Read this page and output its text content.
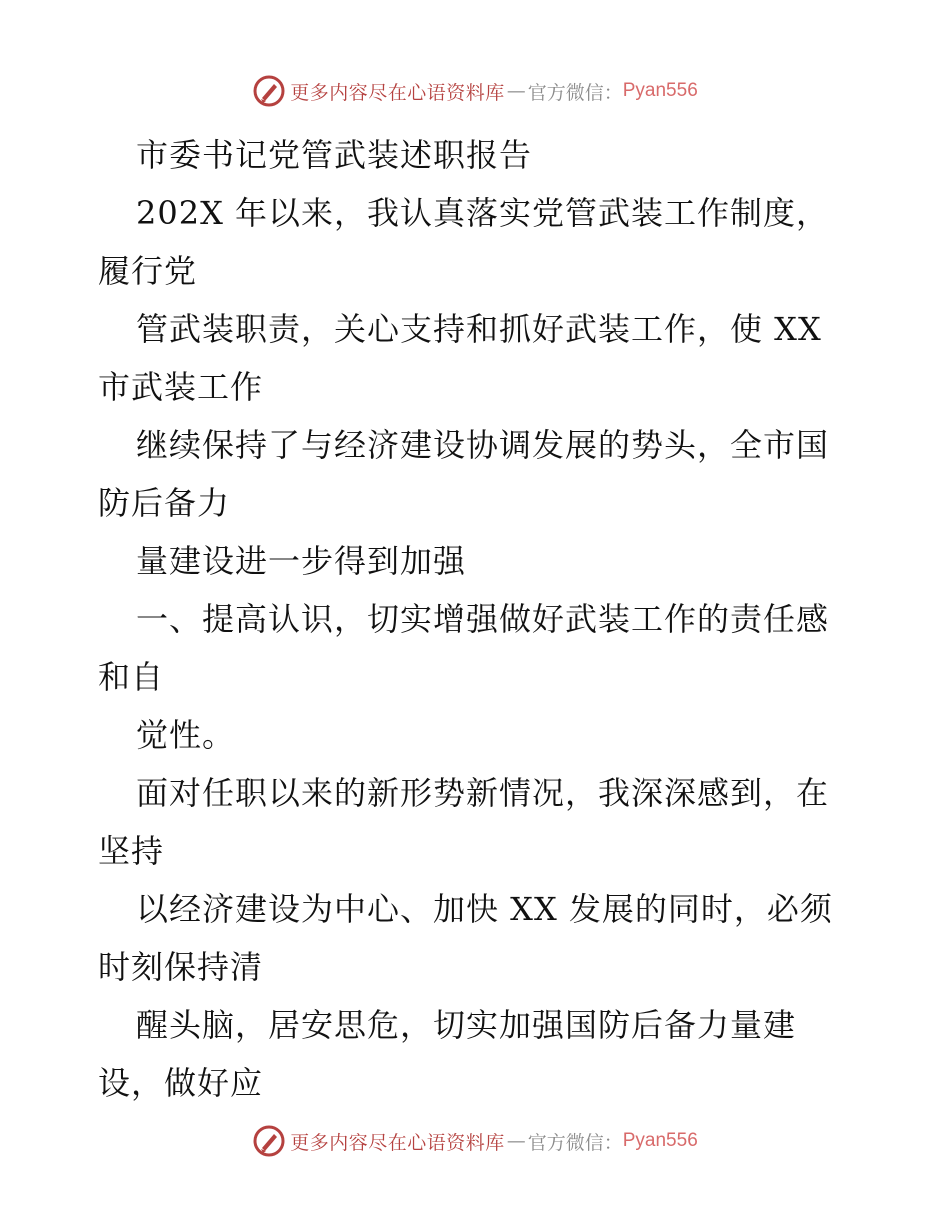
更多内容尽在心语资料库 — 官方微信： Pyan556
市委书记党管武装述职报告
202X 年以来，我认真落实党管武装工作制度，
履行党
管武装职责，关心支持和抓好武装工作，使 XX
市武装工作
继续保持了与经济建设协调发展的势头，全市国
防后备力
量建设进一步得到加强
一、提高认识，切实增强做好武装工作的责任感
和自
觉性。
面对任职以来的新形势新情况，我深深感到，在
坚持
以经济建设为中心、加快 XX 发展的同时，必须
时刻保持清
醒头脑，居安思危，切实加强国防后备力量建
设，做好应
更多内容尽在心语资料库 — 官方微信： Pyan556
